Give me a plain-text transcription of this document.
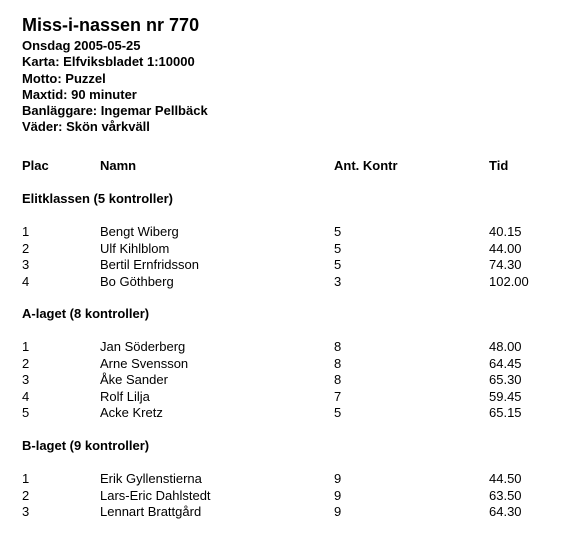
Miss-i-nassen nr 770
Onsdag 2005-05-25
Karta: Elfviksbladet 1:10000
Motto: Puzzel
Maxtid: 90 minuter
Banläggare: Ingemar Pellbäck
Väder: Skön vårkväll
Plac	Namn	Ant. Kontr	Tid
Elitklassen (5 kontroller)
1	Bengt Wiberg	5	40.15
2	Ulf Kihlblom	5	44.00
3	Bertil Ernfridsson	5	74.30
4	Bo Göthberg	3	102.00
A-laget (8 kontroller)
1	Jan Söderberg	8	48.00
2	Arne Svensson	8	64.45
3	Åke Sander	8	65.30
4	Rolf Lilja	7	59.45
5	Acke Kretz	5	65.15
B-laget (9 kontroller)
1	Erik Gyllenstierna	9	44.50
2	Lars-Eric Dahlstedt	9	63.50
3	Lennart Brattgård	9	64.30
